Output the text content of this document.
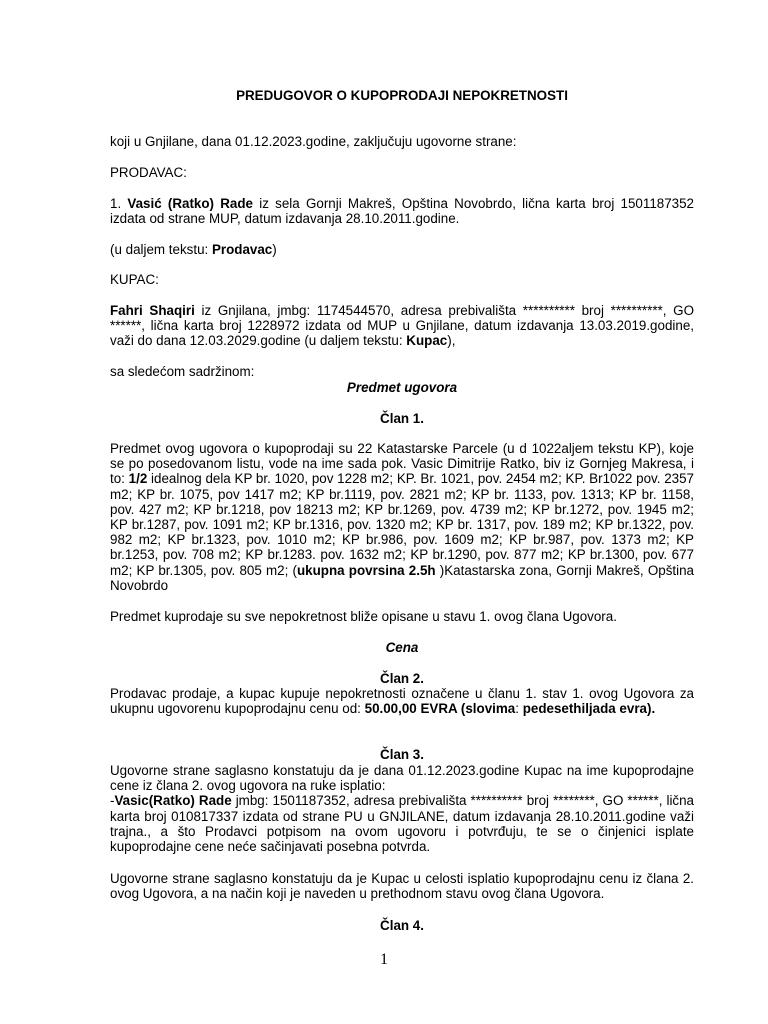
PREDUGOVOR O KUPOPRODAJI NEPOKRETNOSTI

koji u Gnjilane, dana 01.12.2023.godine, zaključuju ugovorne strane:

PRODAVAC:

1. Vasić (Ratko) Rade iz sela Gornji Makreš, Opština Novobrdo, lična karta broj 1501187352 izdata od strane MUP, datum izdavanja 28.10.2011.godine.

(u daljem tekstu: Prodavac)

KUPAC:

Fahri Shaqiri iz Gnjilana, jmbg: 1174544570, adresa prebivališta ********** broj **********, GO ******, lična karta broj 1228972 izdata od MUP u Gnjilane, datum izdavanja 13.03.2019.godine, važi do dana 12.03.2029.godine (u daljem tekstu: Kupac),

sa sledećom sadržinom:

Predmet ugovora

Član 1.

Predmet ovog ugovora o kupoprodaji su 22 Katastarske Parcele (u d 1022aljem tekstu KP), koje se po posedovanom listu, vode na ime sada pok. Vasic Dimitrije Ratko, biv iz Gornjeg Makresa, i to: 1/2 idealnog dela KP br. 1020, pov 1228 m2; KP. Br. 1021, pov. 2454 m2; KP. Br1022 pov. 2357 m2; KP br. 1075, pov 1417 m2; KP br.1119, pov. 2821 m2; KP br. 1133, pov. 1313; KP br. 1158, pov. 427 m2; KP br.1218, pov 18213 m2; KP br.1269, pov. 4739 m2; KP br.1272, pov. 1945 m2; KP br.1287, pov. 1091 m2; KP br.1316, pov. 1320 m2; KP br. 1317, pov. 189 m2; KP br.1322, pov. 982 m2; KP br.1323, pov. 1010 m2; KP br.986, pov. 1609 m2; KP br.987, pov. 1373 m2; KP br.1253, pov. 708 m2; KP br.1283. pov. 1632 m2; KP br.1290, pov. 877 m2; KP br.1300, pov. 677 m2; KP br.1305, pov. 805 m2; (ukupna povrsina 2.5h )Katastarska zona, Gornji Makreš, Opština Novobrdo

Predmet kuprodaje su sve nepokretnost bliže opisane u stavu 1. ovog člana Ugovora.

Cena

Član 2.

Prodavac prodaje, a kupac kupuje nepokretnosti označene u članu 1. stav 1. ovog Ugovora za ukupnu ugovorenu kupoprodajnu cenu od: 50.00,00 EVRA (slovima: pedesethiljada evra).

Član 3.

Ugovorne strane saglasno konstatuju da je dana 01.12.2023.godine Kupac na ime kupoprodajne cene iz člana 2. ovog ugovora na ruke isplatio:
-Vasic(Ratko) Rade jmbg: 1501187352, adresa prebivališta ********** broj ********, GO ******, lična karta broj 010817337 izdata od strane PU u GNJILANE, datum izdavanja 28.10.2011.godine važi trajna., a što Prodavci potpisom na ovom ugovoru i potvrđuju, te se o činjenici isplate kupoprodajne cene neće sačinjavati posebna potvrda.

Ugovorne strane saglasno konstatuju da je Kupac u celosti isplatio kupoprodajnu cenu iz člana 2. ovog Ugovora, a na način koji je naveden u prethodnom stavu ovog člana Ugovora.

Član 4.

1
